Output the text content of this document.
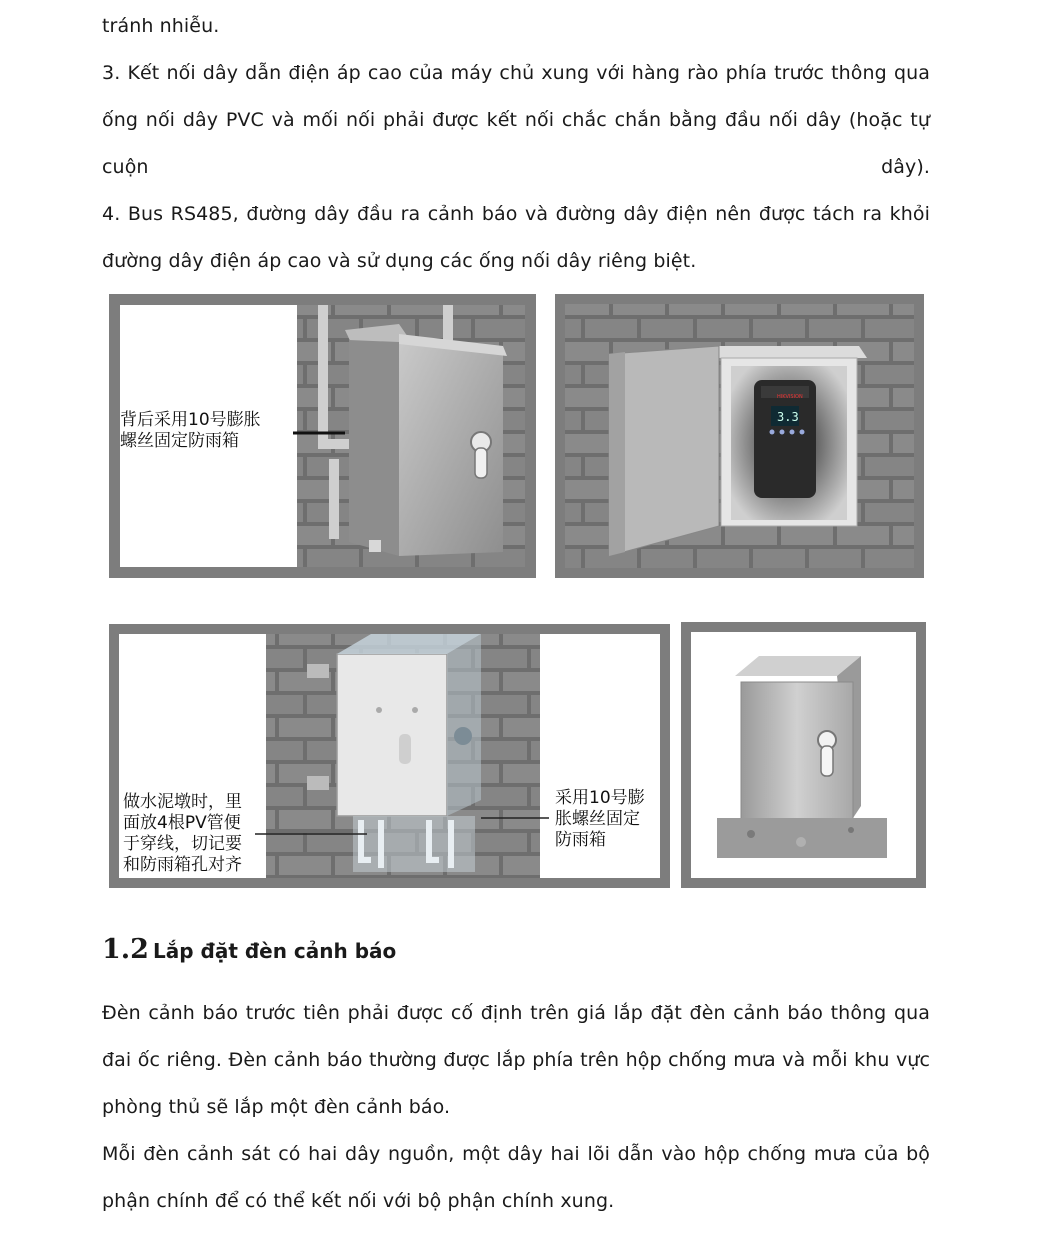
tránh nhiễu.

3. Kết nối dây dẫn điện áp cao của máy chủ xung với hàng rào phía trước thông qua ống nối dây PVC và mối nối phải được kết nối chắc chắn bằng đầu nối dây (hoặc tự cuộn dây).

4. Bus RS485, đường dây đầu ra cảnh báo và đường dây điện nên được tách ra khỏi đường dây điện áp cao và sử dụng các ống nối dây riêng biệt.

背后采用10号膨胀
螺丝固定防雨箱

HIKVISION
3.3

做水泥墩时，里
面放4根PV管便
于穿线，切记要
和防雨箱孔对齐

采用10号膨
胀螺丝固定
防雨箱

1.2 Lắp đặt đèn cảnh báo

Đèn cảnh báo trước tiên phải được cố định trên giá lắp đặt đèn cảnh báo thông qua đai ốc riêng. Đèn cảnh báo thường được lắp phía trên hộp chống mưa và mỗi khu vực phòng thủ sẽ lắp một đèn cảnh báo.

Mỗi đèn cảnh sát có hai dây nguồn, một dây hai lõi dẫn vào hộp chống mưa của bộ phận chính để có thể kết nối với bộ phận chính xung.
